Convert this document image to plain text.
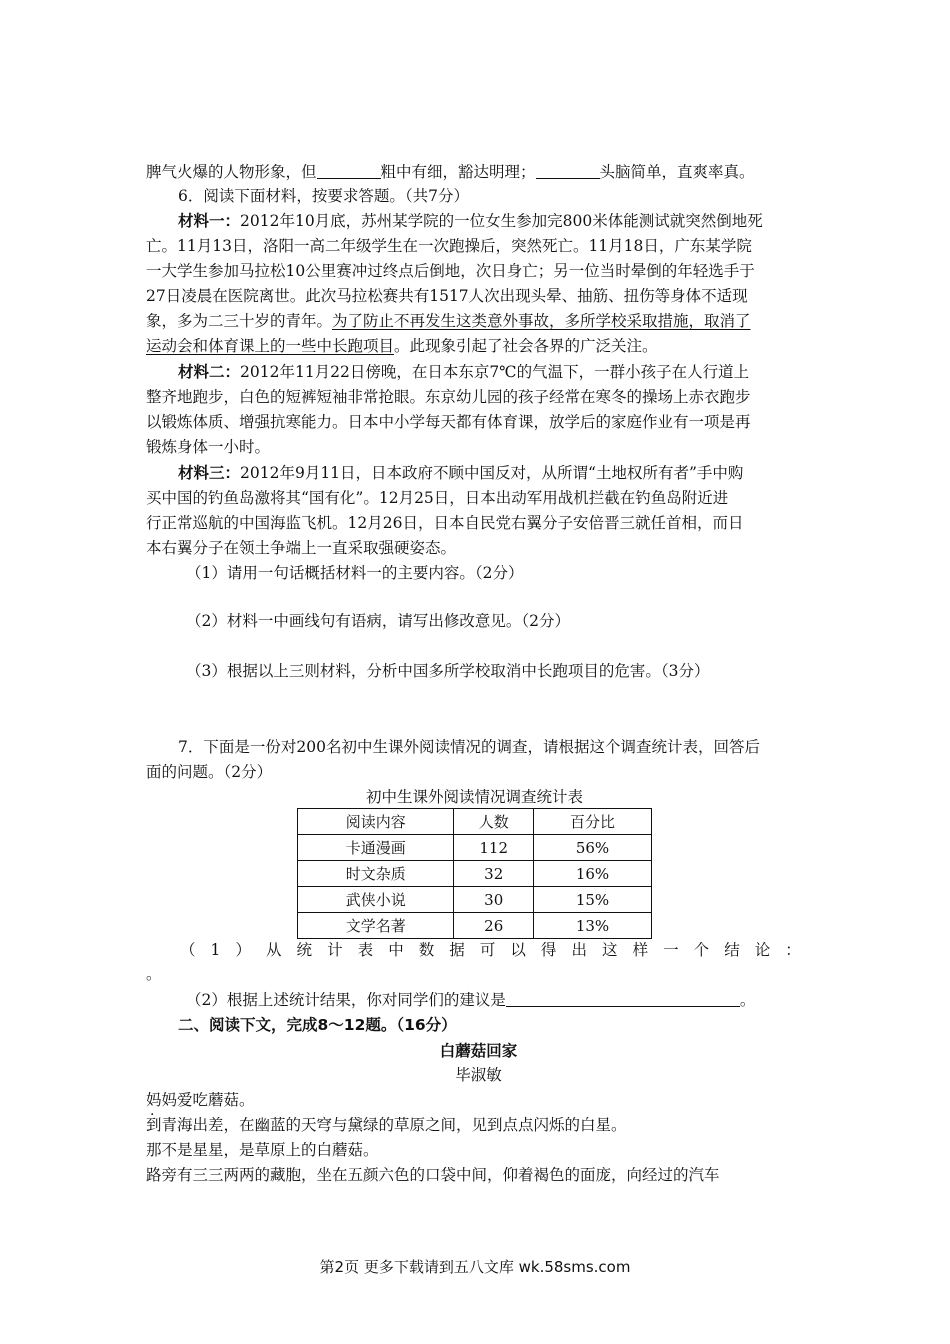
脾气火爆的人物形象，但	粗中有细，豁达明理；	头脑简单，直爽率真。
6．阅读下面材料，按要求答题。（共7分）
材料一：2012年10月底，苏州某学院的一位女生参加完800米体能测试就突然倒地死
亡。11月13日，洛阳一高二年级学生在一次跑操后，突然死亡。11月18日，广东某学院
一大学生参加马拉松10公里赛冲过终点后倒地，次日身亡；另一位当时晕倒的年轻选手于
27日凌晨在医院离世。此次马拉松赛共有1517人次出现头晕、抽筋、扭伤等身体不适现
象，多为二三十岁的青年。为了防止不再发生这类意外事故，多所学校采取措施，取消了
运动会和体育课上的一些中长跑项目。此现象引起了社会各界的广泛关注。
材料二：2012年11月22日傍晚，在日本东京7℃的气温下，一群小孩子在人行道上
整齐地跑步，白色的短裤短袖非常抢眼。东京幼儿园的孩子经常在寒冬的操场上赤衣跑步
以锻炼体质、增强抗寒能力。日本中小学每天都有体育课，放学后的家庭作业有一项是再
锻炼身体一小时。
材料三：2012年9月11日，日本政府不顾中国反对，从所谓“土地权所有者”手中购
买中国的钓鱼岛激将其“国有化”。12月25日，日本出动军用战机拦截在钓鱼岛附近进
行正常巡航的中国海监飞机。12月26日，日本自民党右翼分子安倍晋三就任首相，而日
本右翼分子在领土争端上一直采取强硬姿态。
（1）请用一句话概括材料一的主要内容。（2分）
（2）材料一中画线句有语病，请写出修改意见。（2分）
（3）根据以上三则材料，分析中国多所学校取消中长跑项目的危害。（3分）
7．下面是一份对200名初中生课外阅读情况的调查，请根据这个调查统计表，回答后
面的问题。（2分）
初中生课外阅读情况调查统计表
阅读内容	人数	百分比
卡通漫画	112	56%
时文杂质	32	16%
武侠小说	30	15%
文学名著	26	13%
（ 1 ） 从 统 计 表 中 数 据 可 以 得 出 这 样 一 个 结 论 ：
。
（2）根据上述统计结果，你对同学们的建议是	。
二、阅读下文，完成8～12题。（16分）
白蘑菇回家
毕淑敏
妈妈爱吃蘑菇。 ·
到青海出差，在幽蓝的天穹与黛绿的草原之间，见到点点闪烁的白星。
那不是星星，是草原上的白蘑菇。
路旁有三三两两的藏胞，坐在五颜六色的口袋中间，仰着褐色的面庞，向经过的汽车
第2页 更多下载请到五八文库 wk.58sms.com
